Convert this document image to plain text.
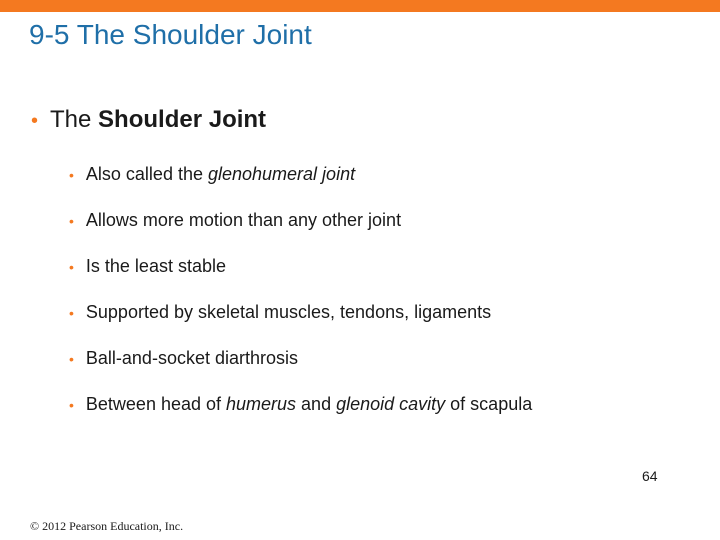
9-5 The Shoulder Joint
• The Shoulder Joint
• Also called the glenohumeral joint
• Allows more motion than any other joint
• Is the least stable
• Supported by skeletal muscles, tendons, ligaments
• Ball-and-socket diarthrosis
• Between head of humerus and glenoid cavity of scapula
64
© 2012 Pearson Education, Inc.
